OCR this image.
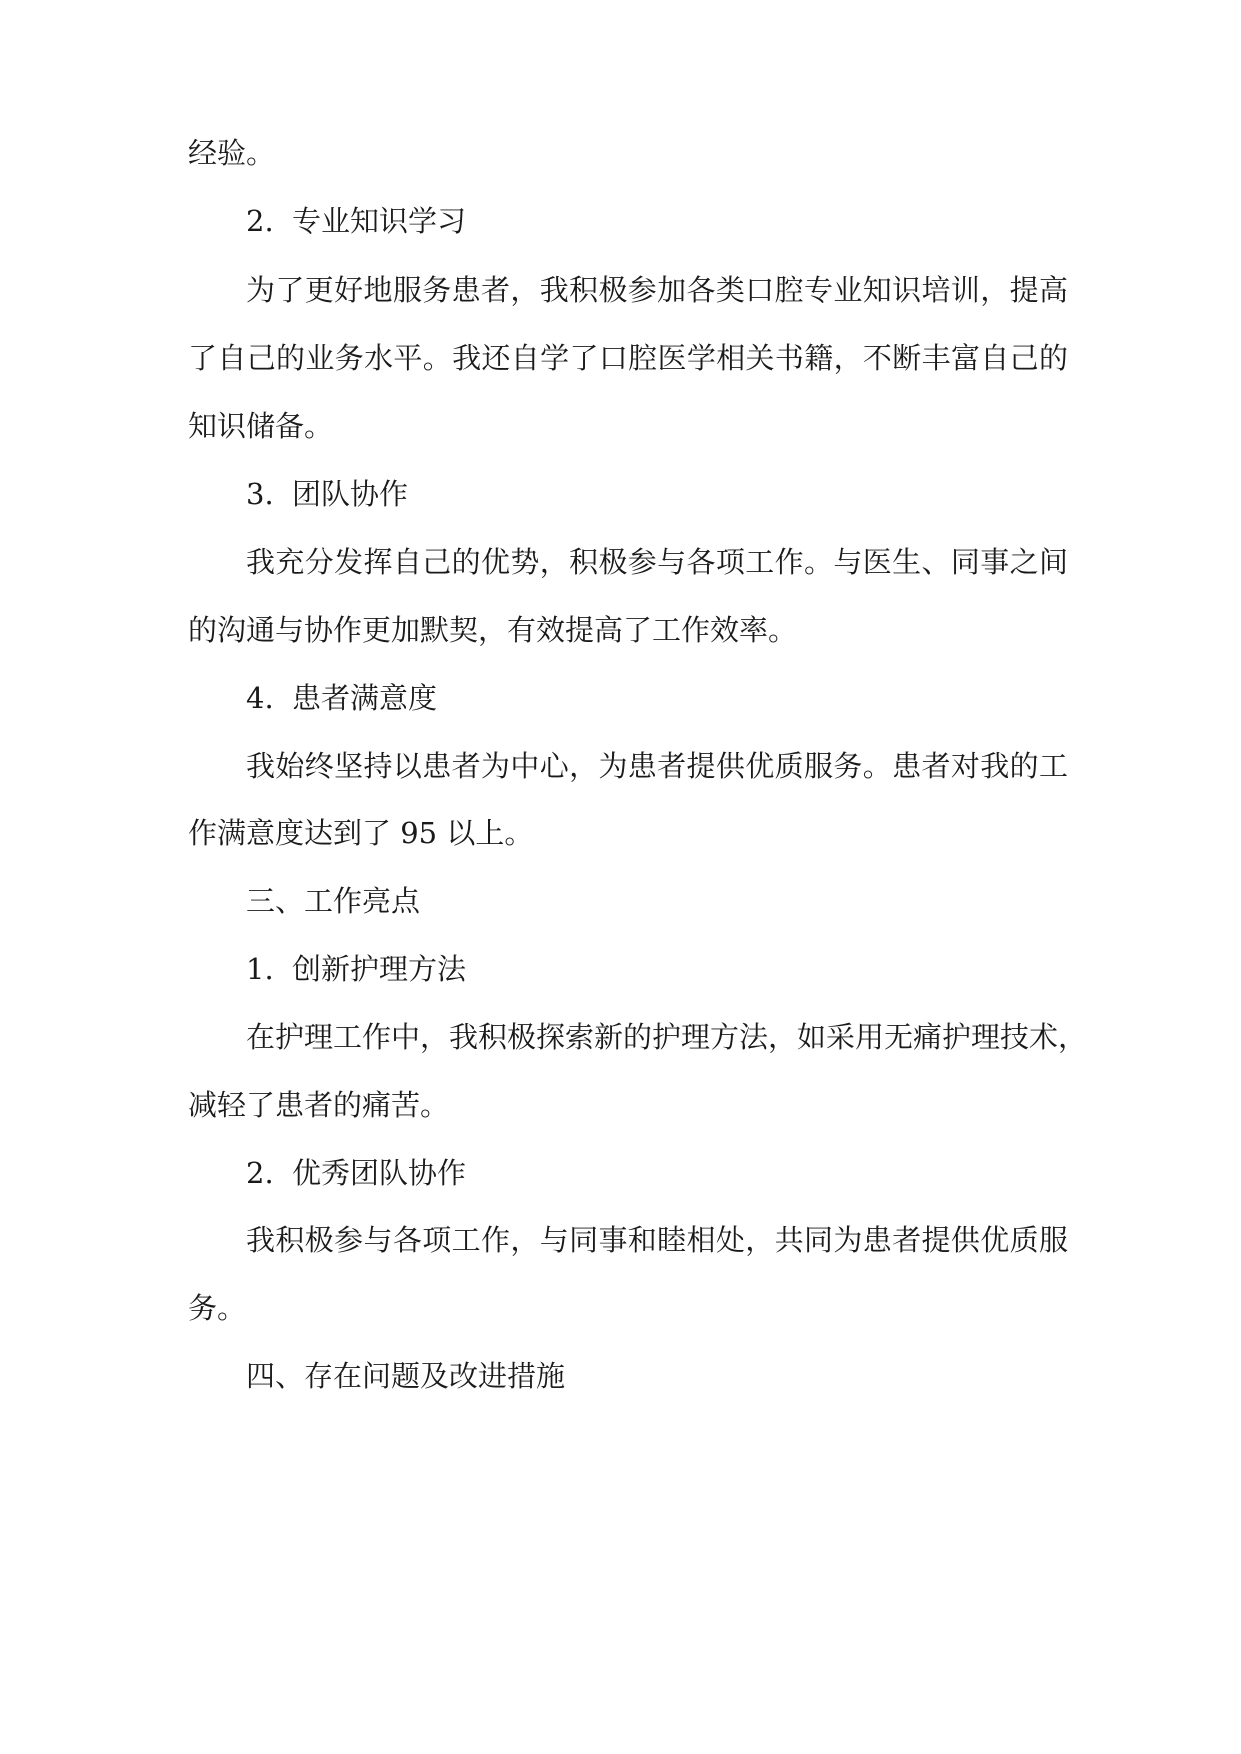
经验。

2. 专业知识学习

为了更好地服务患者，我积极参加各类口腔专业知识培训，提高

了自己的业务水平。我还自学了口腔医学相关书籍，不断丰富自己的

知识储备。

3. 团队协作

我充分发挥自己的优势，积极参与各项工作。与医生、同事之间

的沟通与协作更加默契，有效提高了工作效率。

4. 患者满意度

我始终坚持以患者为中心，为患者提供优质服务。患者对我的工

作满意度达到了 95 以上。

三、工作亮点

1. 创新护理方法

在护理工作中，我积极探索新的护理方法，如采用无痛护理技术，

减轻了患者的痛苦。

2. 优秀团队协作

我积极参与各项工作，与同事和睦相处，共同为患者提供优质服

务。

四、存在问题及改进措施
